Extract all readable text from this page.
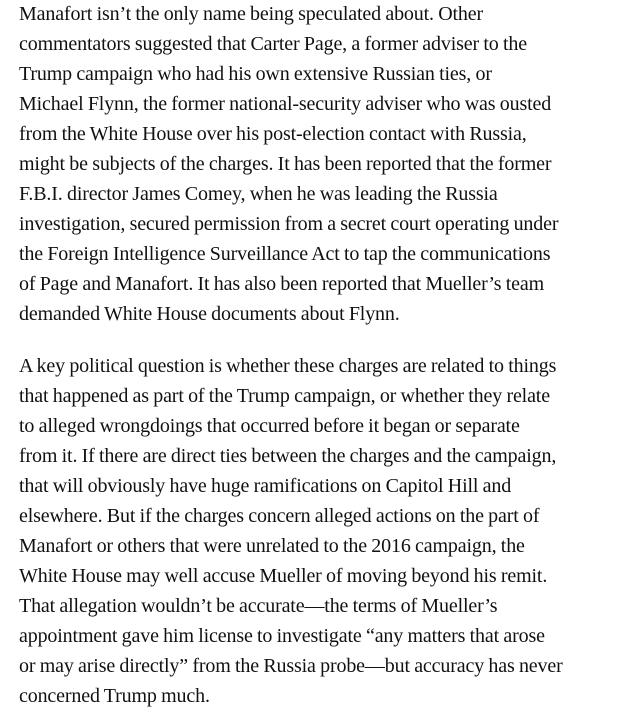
Manafort isn’t the only name being speculated about. Other
commentators suggested that Carter Page, a former adviser to the
Trump campaign who had his own extensive Russian ties, or
Michael Flynn, the former national-security adviser who was ousted
from the White House over his post-election contact with Russia,
might be subjects of the charges. It has been reported that the former
F.B.I. director James Comey, when he was leading the Russia
investigation, secured permission from a secret court operating under
the Foreign Intelligence Surveillance Act to tap the communications
of Page and Manafort. It has also been reported that Mueller’s team
demanded White House documents about Flynn.

A key political question is whether these charges are related to things
that happened as part of the Trump campaign, or whether they relate
to alleged wrongdoings that occurred before it began or separate
from it. If there are direct ties between the charges and the campaign,
that will obviously have huge ramifications on Capitol Hill and
elsewhere. But if the charges concern alleged actions on the part of
Manafort or others that were unrelated to the 2016 campaign, the
White House may well accuse Mueller of moving beyond his remit.
That allegation wouldn’t be accurate—the terms of Mueller’s
appointment gave him license to investigate “any matters that arose
or may arise directly” from the Russia probe—but accuracy has never
concerned Trump much.
